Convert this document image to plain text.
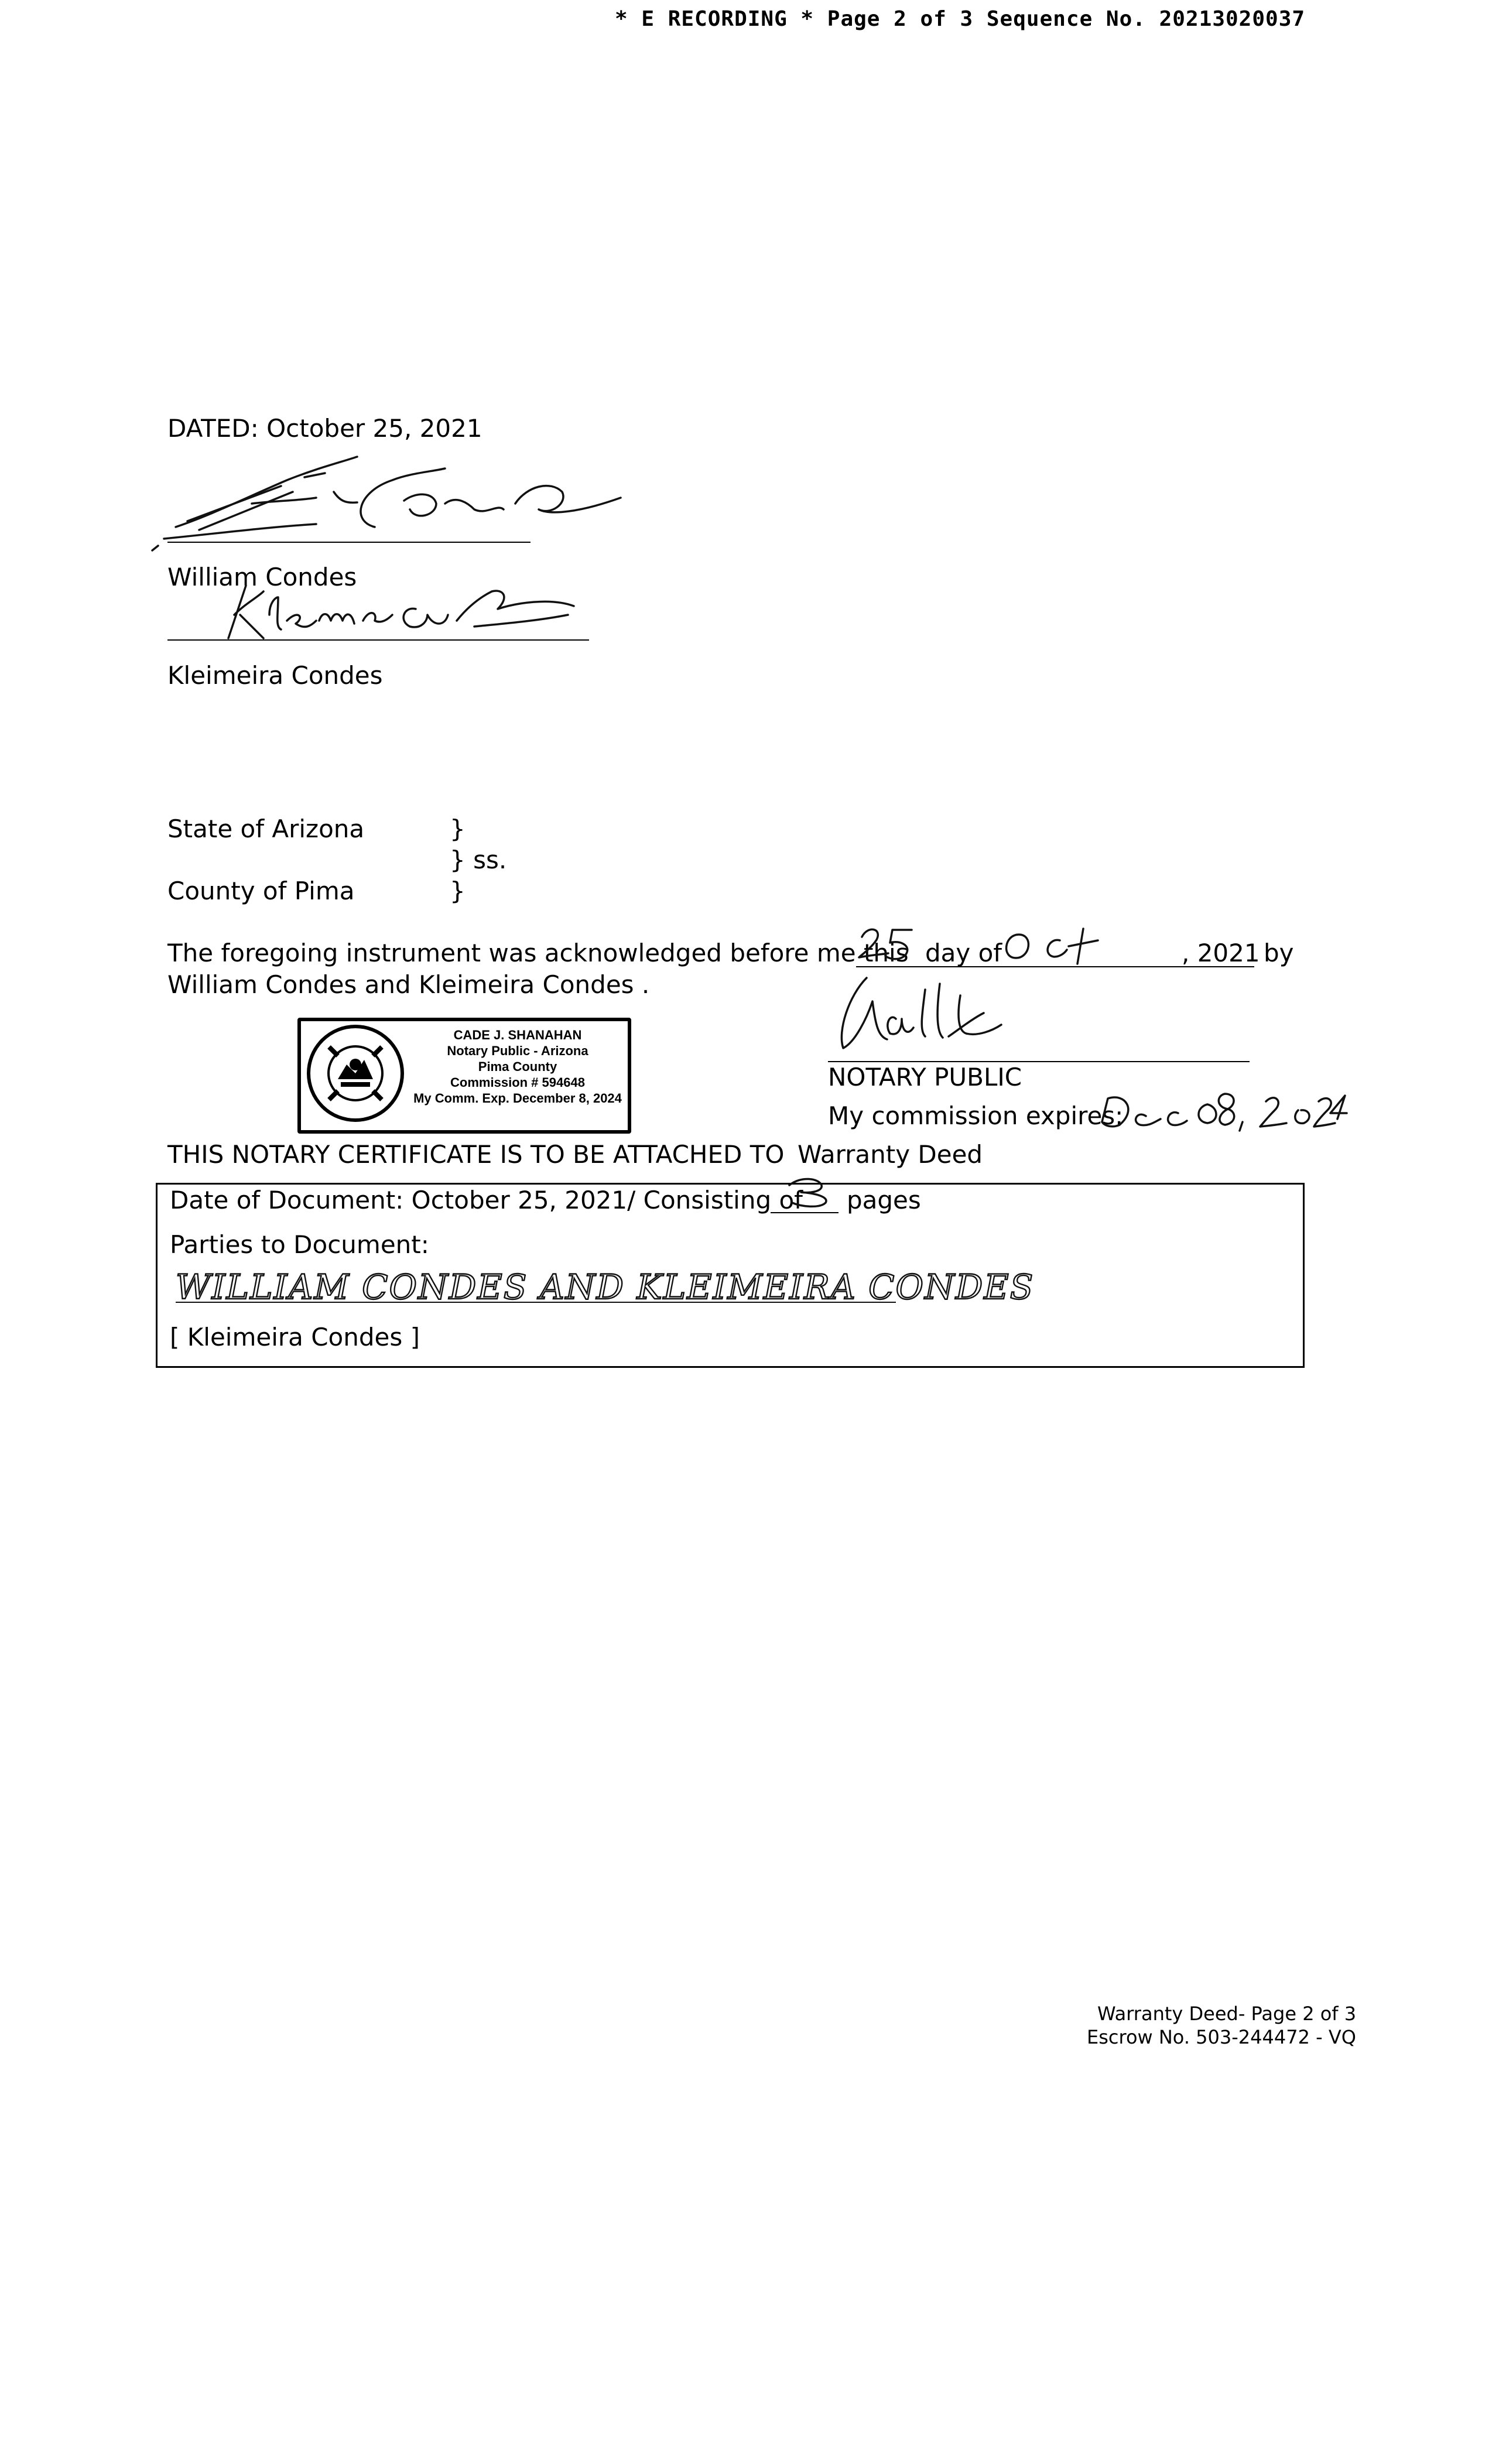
* E RECORDING * Page 2 of 3 Sequence No. 20213020037
DATED: October 25, 2021
William Condes
Kleimeira Condes
State of Arizona	}
} ss.
County of Pima	}
The foregoing instrument was acknowledged before me this day of	, 2021 by
William Condes and Kleimeira Condes .
CADE J. SHANAHAN
Notary Public - Arizona
Pima County
Commission # 594648
My Comm. Exp. December 8, 2024
NOTARY PUBLIC
My commission expires:
THIS NOTARY CERTIFICATE IS TO BE ATTACHED TO Warranty Deed
Date of Document: October 25, 2021/ Consisting of pages
Parties to Document:
WILLIAM CONDES AND KLEIMEIRA CONDES
[ Kleimeira Condes ]
Warranty Deed- Page 2 of 3
Escrow No. 503-244472 - VQ
